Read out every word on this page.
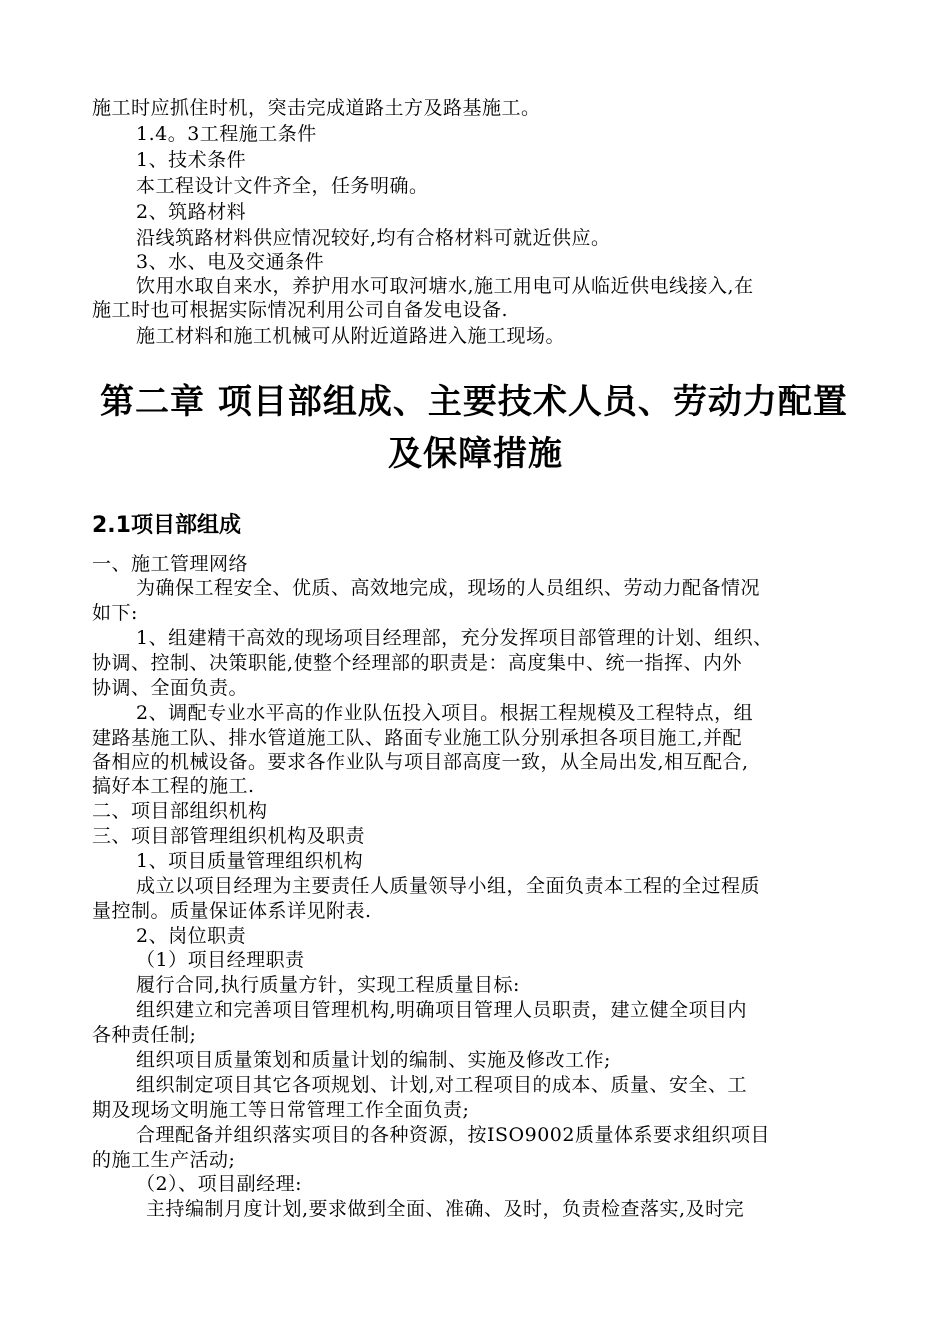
施工时应抓住时机，突击完成道路土方及路基施工。
1.4。3工程施工条件
1、技术条件
本工程设计文件齐全，任务明确。
2、筑路材料
沿线筑路材料供应情况较好,均有合格材料可就近供应。
3、水、电及交通条件
饮用水取自来水，养护用水可取河塘水,施工用电可从临近供电线接入,在
施工时也可根据实际情况利用公司自备发电设备.
施工材料和施工机械可从附近道路进入施工现场。
第二章 项目部组成、主要技术人员、劳动力配置
及保障措施
2.1项目部组成
一、施工管理网络
为确保工程安全、优质、高效地完成，现场的人员组织、劳动力配备情况
如下:
1、组建精干高效的现场项目经理部，充分发挥项目部管理的计划、组织、
协调、控制、决策职能,使整个经理部的职责是：高度集中、统一指挥、内外
协调、全面负责。
2、调配专业水平高的作业队伍投入项目。根据工程规模及工程特点，组
建路基施工队、排水管道施工队、路面专业施工队分别承担各项目施工,并配
备相应的机械设备。要求各作业队与项目部高度一致，从全局出发,相互配合,
搞好本工程的施工.
二、项目部组织机构
三、项目部管理组织机构及职责
1、项目质量管理组织机构
成立以项目经理为主要责任人质量领导小组，全面负责本工程的全过程质
量控制。质量保证体系详见附表.
2、岗位职责
（1）项目经理职责
履行合同,执行质量方针，实现工程质量目标:
组织建立和完善项目管理机构,明确项目管理人员职责，建立健全项目内
各种责任制;
组织项目质量策划和质量计划的编制、实施及修改工作;
组织制定项目其它各项规划、计划,对工程项目的成本、质量、安全、工
期及现场文明施工等日常管理工作全面负责;
合理配备并组织落实项目的各种资源，按ISO9002质量体系要求组织项目
的施工生产活动;
（2）、项目副经理:
主持编制月度计划,要求做到全面、准确、及时，负责检查落实,及时完
